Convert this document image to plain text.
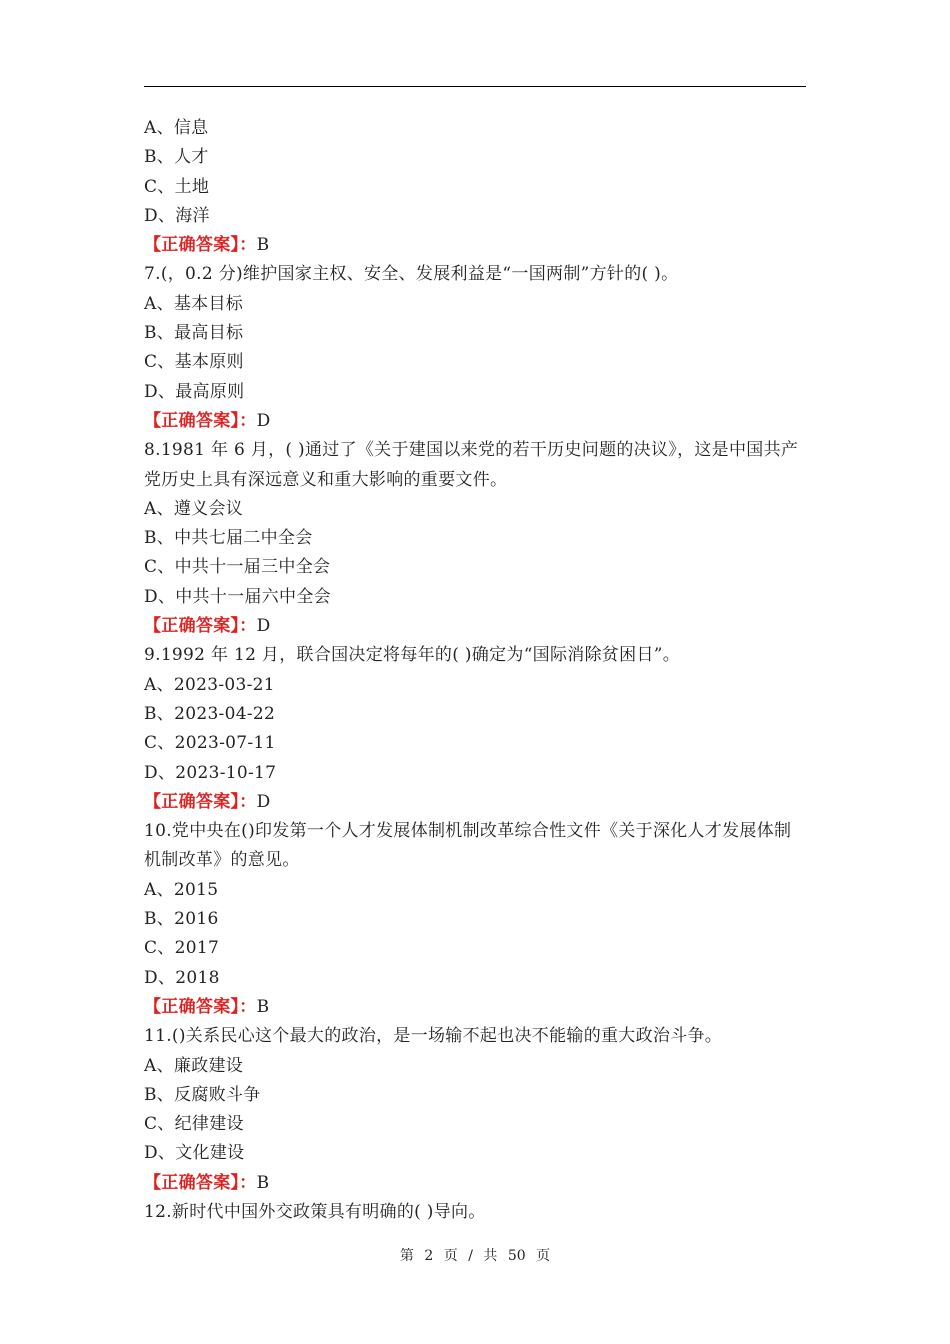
A、信息
B、人才
C、土地
D、海洋
【正确答案】：B
7.(，0.2 分)维护国家主权、安全、发展利益是“一国两制”方针的( )。
A、基本目标
B、最高目标
C、基本原则
D、最高原则
【正确答案】：D
8.1981 年 6 月，( )通过了《关于建国以来党的若干历史问题的决议》，这是中国共产党历史上具有深远意义和重大影响的重要文件。
A、遵义会议
B、中共七届二中全会
C、中共十一届三中全会
D、中共十一届六中全会
【正确答案】：D
9.1992 年 12 月，联合国决定将每年的( )确定为“国际消除贫困日”。
A、2023-03-21
B、2023-04-22
C、2023-07-11
D、2023-10-17
【正确答案】：D
10.党中央在()印发第一个人才发展体制机制改革综合性文件《关于深化人才发展体制机制改革》的意见。
A、2015
B、2016
C、2017
D、2018
【正确答案】：B
11.()关系民心这个最大的政治，是一场输不起也决不能输的重大政治斗争。
A、廉政建设
B、反腐败斗争
C、纪律建设
D、文化建设
【正确答案】：B
12.新时代中国外交政策具有明确的( )导向。
第 2 页 / 共 50 页
